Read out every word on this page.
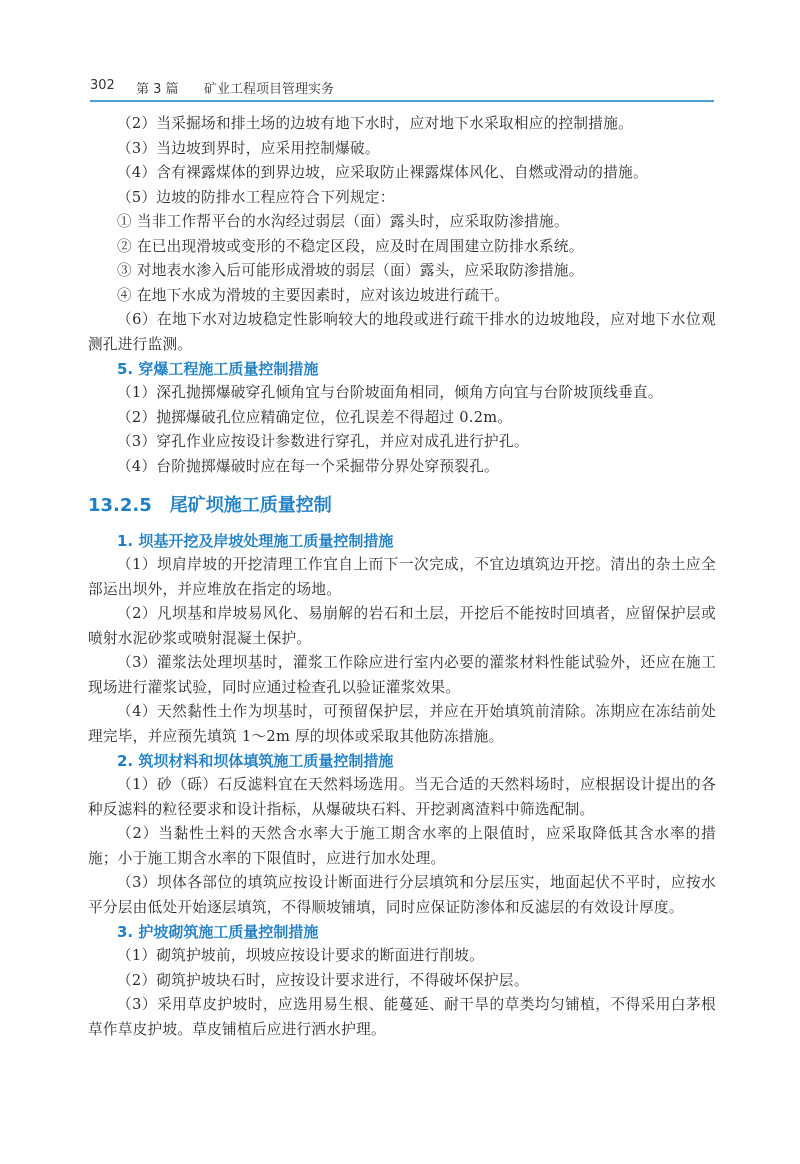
302 第 3 篇 矿业工程项目管理实务

（2）当采掘场和排土场的边坡有地下水时，应对地下水采取相应的控制措施。

（3）当边坡到界时，应采用控制爆破。

（4）含有裸露煤体的到界边坡，应采取防止裸露煤体风化、自燃或滑动的措施。

（5）边坡的防排水工程应符合下列规定：

① 当非工作帮平台的水沟经过弱层（面）露头时，应采取防渗措施。

② 在已出现滑坡或变形的不稳定区段，应及时在周围建立防排水系统。

③ 对地表水渗入后可能形成滑坡的弱层（面）露头，应采取防渗措施。

④ 在地下水成为滑坡的主要因素时，应对该边坡进行疏干。

（6）在地下水对边坡稳定性影响较大的地段或进行疏干排水的边坡地段，应对地下水位观测孔进行监测。

5. 穿爆工程施工质量控制措施

（1）深孔抛掷爆破穿孔倾角宜与台阶坡面角相同，倾角方向宜与台阶坡顶线垂直。

（2）抛掷爆破孔位应精确定位，位孔误差不得超过 0.2m。

（3）穿孔作业应按设计参数进行穿孔，并应对成孔进行护孔。

（4）台阶抛掷爆破时应在每一个采掘带分界处穿预裂孔。

13.2.5 尾矿坝施工质量控制
1. 坝基开挖及岸坡处理施工质量控制措施

（1）坝肩岸坡的开挖清理工作宜自上而下一次完成，不宜边填筑边开挖。清出的杂土应全部运出坝外，并应堆放在指定的场地。

（2）凡坝基和岸坡易风化、易崩解的岩石和土层，开挖后不能按时回填者，应留保护层或喷射水泥砂浆或喷射混凝土保护。

（3）灌浆法处理坝基时，灌浆工作除应进行室内必要的灌浆材料性能试验外，还应在施工现场进行灌浆试验，同时应通过检查孔以验证灌浆效果。

（4）天然黏性土作为坝基时，可预留保护层，并应在开始填筑前清除。冻期应在冻结前处理完毕，并应预先填筑 1～2m 厚的坝体或采取其他防冻措施。

2. 筑坝材料和坝体填筑施工质量控制措施

（1）砂（砾）石反滤料宜在天然料场选用。当无合适的天然料场时，应根据设计提出的各种反滤料的粒径要求和设计指标，从爆破块石料、开挖剥离渣料中筛选配制。

（2）当黏性土料的天然含水率大于施工期含水率的上限值时，应采取降低其含水率的措施；小于施工期含水率的下限值时，应进行加水处理。

（3）坝体各部位的填筑应按设计断面进行分层填筑和分层压实，地面起伏不平时，应按水平分层由低处开始逐层填筑，不得顺坡铺填，同时应保证防渗体和反滤层的有效设计厚度。

3. 护坡砌筑施工质量控制措施

（1）砌筑护坡前，坝坡应按设计要求的断面进行削坡。

（2）砌筑护坡块石时，应按设计要求进行，不得破坏保护层。

（3）采用草皮护坡时，应选用易生根、能蔓延、耐干旱的草类均匀铺植，不得采用白茅根草作草皮护坡。草皮铺植后应进行洒水护理。
